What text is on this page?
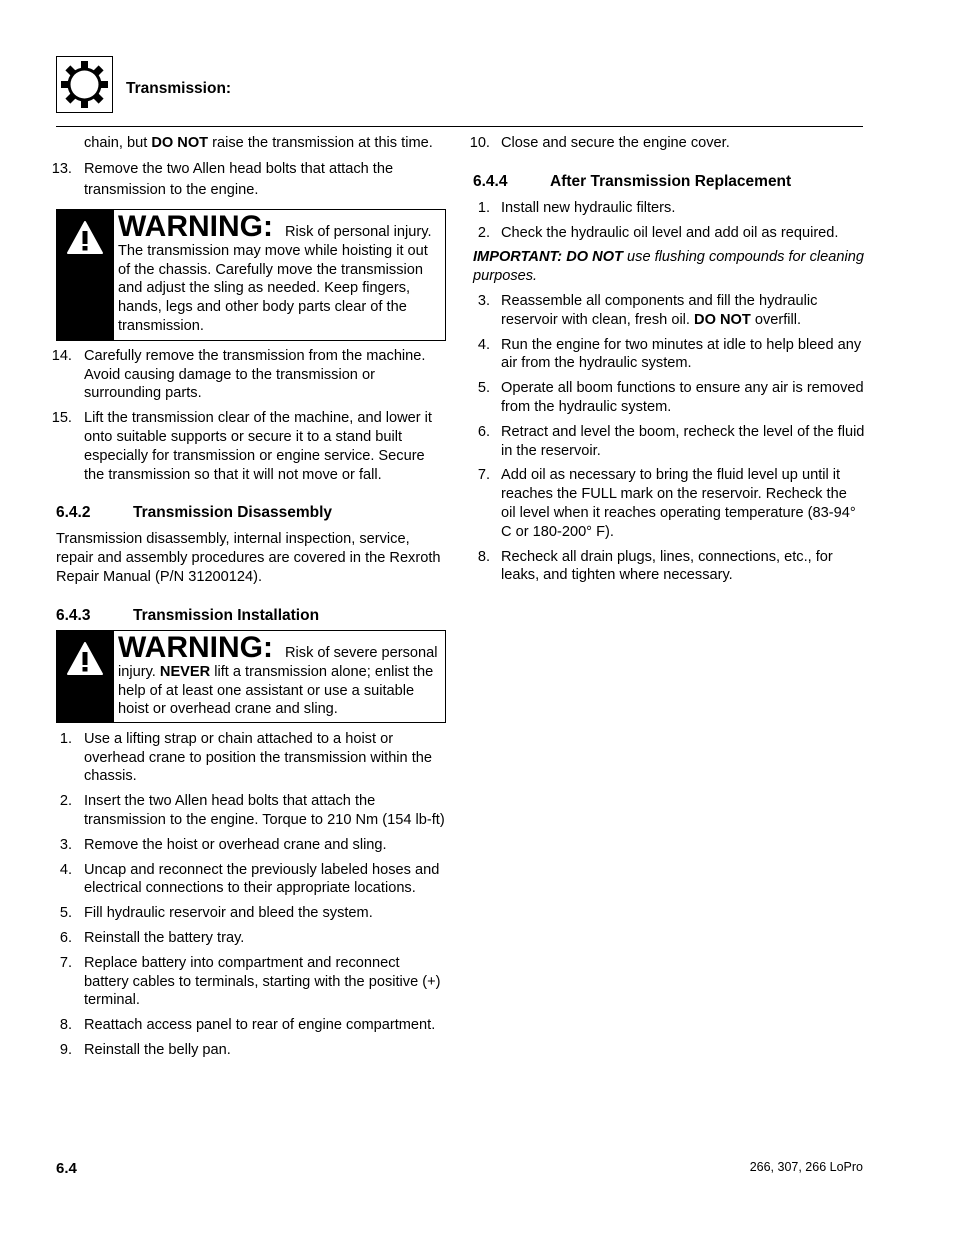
Transmission:
chain, but DO NOT raise the transmission at this time.
13. Remove the two Allen head bolts that attach the transmission to the engine.
WARNING: Risk of personal injury. The transmission may move while hoisting it out of the chassis. Carefully move the transmission and adjust the sling as needed. Keep fingers, hands, legs and other body parts clear of the transmission.
14. Carefully remove the transmission from the machine. Avoid causing damage to the transmission or surrounding parts.
15. Lift the transmission clear of the machine, and lower it onto suitable supports or secure it to a stand built especially for transmission or engine service. Secure the transmission so that it will not move or fall.
6.4.2	Transmission Disassembly

Transmission disassembly, internal inspection, service, repair and assembly procedures are covered in the Rexroth Repair Manual (P/N 31200124).

6.4.3	Transmission Installation
WARNING: Risk of severe personal injury. NEVER lift a transmission alone; enlist the help of at least one assistant or use a suitable hoist or overhead crane and sling.
1. Use a lifting strap or chain attached to a hoist or overhead crane to position the transmission within the chassis.
2. Insert the two Allen head bolts that attach the transmission to the engine. Torque to 210 Nm (154 lb-ft)
3. Remove the hoist or overhead crane and sling.
4. Uncap and reconnect the previously labeled hoses and electrical connections to their appropriate locations.
5. Fill hydraulic reservoir and bleed the system.
6. Reinstall the battery tray.
7. Replace battery into compartment and reconnect battery cables to terminals, starting with the positive (+) terminal.
8. Reattach access panel to rear of engine compartment.
9. Reinstall the belly pan.
10. Close and secure the engine cover.
6.4.4	After Transmission Replacement
1. Install new hydraulic filters.
2. Check the hydraulic oil level and add oil as required.
IMPORTANT: DO NOT use flushing compounds for cleaning purposes.
3. Reassemble all components and fill the hydraulic reservoir with clean, fresh oil. DO NOT overfill.
4. Run the engine for two minutes at idle to help bleed any air from the hydraulic system.
5. Operate all boom functions to ensure any air is removed from the hydraulic system.
6. Retract and level the boom, recheck the level of the fluid in the reservoir.
7. Add oil as necessary to bring the fluid level up until it reaches the FULL mark on the reservoir. Recheck the oil level when it reaches operating temperature (83-94° C or 180-200° F).
8. Recheck all drain plugs, lines, connections, etc., for leaks, and tighten where necessary.
6.4	266, 307, 266 LoPro
